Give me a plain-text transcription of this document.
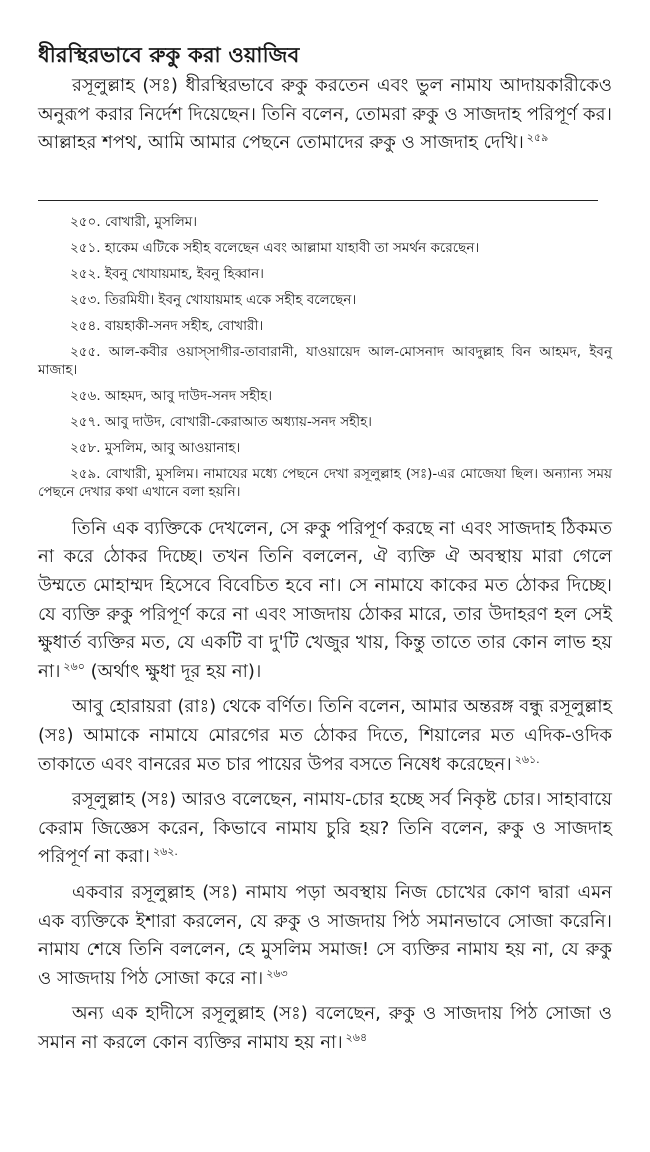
ধীরস্থিরভাবে রুকু করা ওয়াজিব

রসূলুল্লাহ (সঃ) ধীরস্থিরভাবে রুকু করতেন এবং ভুল নামায আদায়কারীকেও অনুরূপ করার নির্দেশ দিয়েছেন। তিনি বলেন, তোমরা রুকু ও সাজদাহ পরিপূর্ণ কর। আল্লাহর শপথ, আমি আমার পেছনে তোমাদের রুকু ও সাজদাহ দেখি। $^{২৫৯}$

২৫০. বোখারী, মুসলিম।

২৫১. হাকেম এটিকে সহীহ বলেছেন এবং আল্লামা যাহাবী তা সমর্থন করেছেন।

২৫২. ইবনু খোযায়মাহ, ইবনু হিব্বান।

২৫৩. তিরমিযী। ইবনু খোযায়মাহ একে সহীহ বলেছেন।

২৫৪. বায়হাকী-সনদ সহীহ, বোখারী।

২৫৫. আল-কবীর ওয়াস্‌সাগীর-তাবারানী, যাওয়ায়েদ আল-মোসনাদ আবদুল্লাহ বিন আহমদ, ইবনু মাজাহ।

২৫৬. আহমদ, আবু দাউদ-সনদ সহীহ।

২৫৭. আবু দাউদ, বোখারী-কেরাআত অধ্যায়-সনদ সহীহ।

২৫৮. মুসলিম, আবু আওয়ানাহ।

২৫৯. বোখারী, মুসলিম। নামাযের মধ্যে পেছনে দেখা রসূলুল্লাহ (সঃ)-এর মোজেযা ছিল। অন্যান্য সময় পেছনে দেখার কথা এখানে বলা হয়নি।

তিনি এক ব্যক্তিকে দেখলেন, সে রুকু পরিপূর্ণ করছে না এবং সাজদাহ ঠিকমত না করে ঠোকর দিচ্ছে। তখন তিনি বললেন, ঐ ব্যক্তি ঐ অবস্থায় মারা গেলে উম্মতে মোহাম্মদ হিসেবে বিবেচিত হবে না। সে নামাযে কাকের মত ঠোকর দিচ্ছে। যে ব্যক্তি রুকু পরিপূর্ণ করে না এবং সাজদায় ঠোকর মারে, তার উদাহরণ হল সেই ক্ষুধার্ত ব্যক্তির মত, যে একটি বা দু'টি খেজুর খায়, কিন্তু তাতে তার কোন লাভ হয় না। $^{২৬০}$ (অর্থাৎ ক্ষুধা দূর হয় না)।

আবু হোরায়রা (রাঃ) থেকে বর্ণিত। তিনি বলেন, আমার অন্তরঙ্গ বন্ধু রসূলুল্লাহ (সঃ) আমাকে নামাযে মোরগের মত ঠোকর দিতে, শিয়ালের মত এদিক-ওদিক তাকাতে এবং বানরের মত চার পায়ের উপর বসতে নিষেধ করেছেন। $^{২৬১.}$

রসূলুল্লাহ (সঃ) আরও বলেছেন, নামায-চোর হচ্ছে সর্ব নিকৃষ্ট চোর। সাহাবায়ে কেরাম জিজ্ঞেস করেন, কিভাবে নামায চুরি হয়? তিনি বলেন, রুকু ও সাজদাহ পরিপূর্ণ না করা। $^{২৬২.}$

একবার রসূলুল্লাহ (সঃ) নামায পড়া অবস্থায় নিজ চোখের কোণ দ্বারা এমন এক ব্যক্তিকে ইশারা করলেন, যে রুকু ও সাজদায় পিঠ সমানভাবে সোজা করেনি। নামায শেষে তিনি বললেন, হে মুসলিম সমাজ! সে ব্যক্তির নামায হয় না, যে রুকু ও সাজদায় পিঠ সোজা করে না। $^{২৬৩}$

অন্য এক হাদীসে রসূলুল্লাহ (সঃ) বলেছেন, রুকু ও সাজদায় পিঠ সোজা ও সমান না করলে কোন ব্যক্তির নামায হয় না। $^{২৬৪}$
